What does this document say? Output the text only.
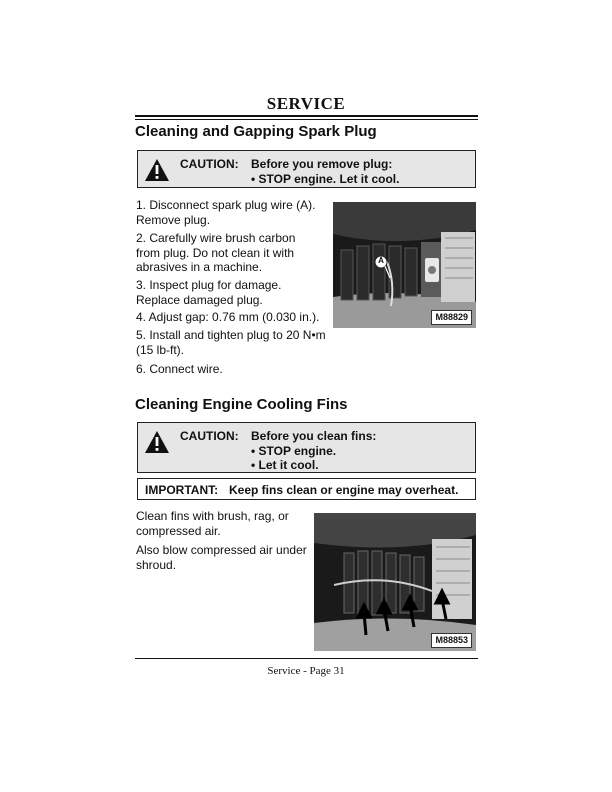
SERVICE
Cleaning and Gapping Spark Plug
CAUTION: Before you remove plug:
• STOP engine. Let it cool.
1. Disconnect spark plug wire (A).
Remove plug.
2. Carefully wire brush carbon
from plug. Do not clean it with
abrasives in a machine.
3. Inspect plug for damage.
Replace damaged plug.
4. Adjust gap: 0.76 mm (0.030 in.).
5. Install and tighten plug to 20 N•m
(15 lb-ft).
6. Connect wire.
A
M88829
Cleaning Engine Cooling Fins
CAUTION: Before you clean fins:
• STOP engine.
• Let it cool.
IMPORTANT: Keep fins clean or engine may overheat.
Clean fins with brush, rag, or
compressed air.
Also blow compressed air under
shroud.
M88853
Service - Page 31
